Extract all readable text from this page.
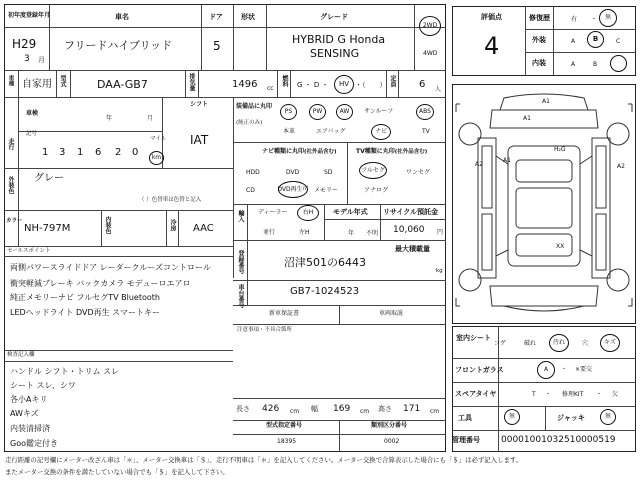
初年度登録年月
H29
3 月
車名
フリードハイブリッド
ドア
5
形状	グレード
HYBRID G Honda
SENSING
2WD
4WD
車種 自家用 型式	DAA-GB7	排気量	1496 cc
燃料 G ・ D ・	HV ・（　　） 定員 6 人
車検
年	月
シフト
IAT
走行
記号
1 3 1 6 2 0
マイル
km
外装色 グレー
（ ）色替車は色替と記入
カラー
NH-797M	内装色	冷房 AAC
セールスポイント
両側パワースライドドア レーダークルーズコントロール
衝突軽減ブレーキ バックカメラ モデューロエアロ
純正メモリーナビ フルセグTV Bluetooth
LEDヘッドライト DVD再生 スマートキー
検査記入欄
ハンドル シフト・トリム スレ
シート スレ、シワ
各小Aキリ
AWキズ
内装清掃済
Goo鑑定付き
装備品に丸印
(純正のみ)
PS	PW	AW	サンルーフ	ABS
本革	エアバッグ	ナビ	TV
ナビ種類に丸印(社外品含む)
HDD	DVD	SD
CD	DVD再生可 メモリー
TV種類に丸印(社外品含む)
フルセグ	ワンセグ
アナログ
輸入 ディーラー	右H
並行	左H
モデル年式
年 不明
リサイクル預託金
10,060 円
最大積載量
kg
登録番号	沼津501の6443
車台番号	GB7-1024523
新車保証書	車両取説
注意事項・不具合箇所
長さ 426 cm 幅 169 cm 高さ 171 cm
型式指定番号
18395
類別区分番号
0002
評価点
4
修復歴	有 ・	無
外装	A	B	C
内装	A	B
A1
A1
A2
A1
H₂G
A2
XX
室内シート
コゲ	破れ	汚れ	穴	キズ
フロントガラス	A	・ ×要交
スペアタイヤ	T ・ 修理KIT ・ 欠
工具	無	ジャッキ	無
管理番号 00001001032510000519
走行距離の記号欄にメーター改ざん車は「＊」、メーター交換車は「＄」、走行不明車は「＊」を記入してください。メーター交換で合算表示した場合にも「＄」は必ず記入します。
またメーター交換の条件を満たしていない場合でも「＄」を記入して下さい。
